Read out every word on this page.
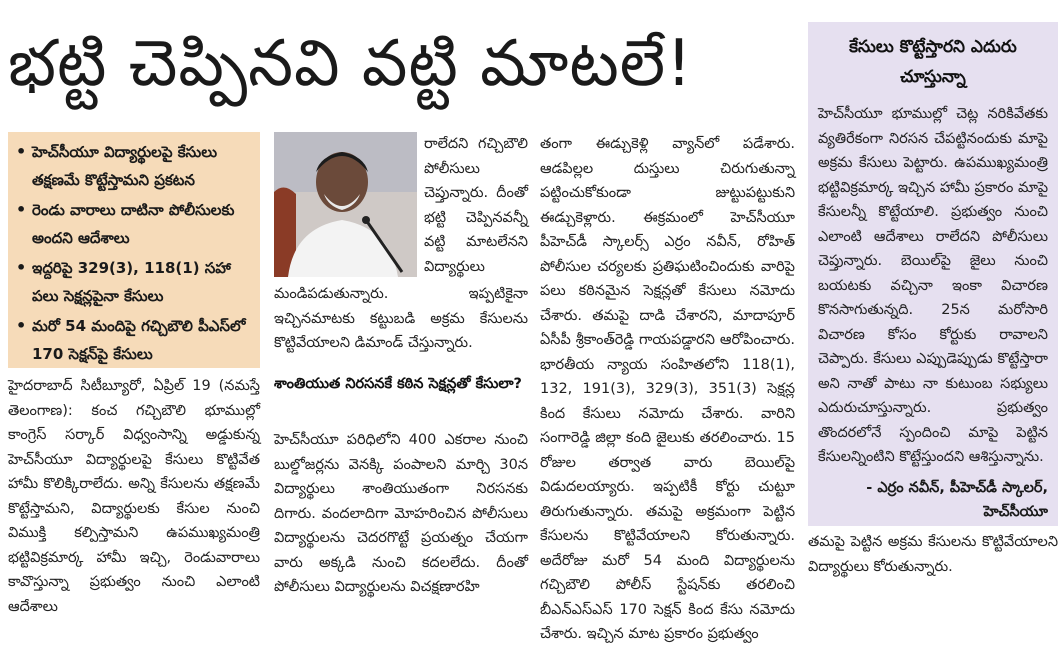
భట్టి చెప్పినవి వట్టి మాటలే!
• హెచ్‌సీయూ విద్యార్థులపై కేసులు తక్షణమే కొట్టేస్తామని ప్రకటన
• రెండు వారాలు దాటినా పోలీసులకు అందని ఆదేశాలు
• ఇద్దరిపై 329(3), 118(1) సహా పలు సెక్షన్లపైనా కేసులు
• మరో 54 మందిపై గచ్చిబౌలి పీఎస్‌లో 170 సెక్షన్‌పై కేసులు
హైదరాబాద్ సిటీబ్యూరో, ఏప్రిల్ 19 (నమస్తే తెలంగాణ): కంచ గచ్చిబౌలి భూముల్లో కాంగ్రెస్ సర్కార్ విధ్వంసాన్ని అడ్డుకున్న హెచ్‌సీయూ విద్యార్థులపై కేసులు కొట్టివేత హామీ కొలిక్కిరాలేదు. అన్ని కేసులను తక్షణమే కొట్టేస్తామని, విద్యార్థులకు కేసుల నుంచి విముక్తి కల్పిస్తామని ఉపముఖ్యమంత్రి భట్టివిక్రమార్క హామీ ఇచ్చి, రెండువారాలు కావొస్తున్నా ప్రభుత్వం నుంచి ఎలాంటి ఆదేశాలు
రాలేదని గచ్చిబౌలి పోలీసులు చెప్తున్నారు. దీంతో భట్టి చెప్పినవన్నీ వట్టి మాటలేనని విద్యార్థులు
మండిపడుతున్నారు. ఇప్పటికైనా ఇచ్చినమాటకు కట్టుబడి అక్రమ కేసులను కొట్టివేయాలని డిమాండ్ చేస్తున్నారు.
శాంతియుత నిరసనకే కఠిన సెక్షన్లతో కేసులా?
హెచ్‌సీయూ పరిధిలోని 400 ఎకరాల నుంచి బుల్డోజర్లను వెనక్కి పంపాలని మార్చి 30న విద్యార్థులు శాంతియుతంగా నిరసనకు దిగారు. వందలాదిగా మోహరించిన పోలీసులు విద్యార్థులను చెదరగొట్టే ప్రయత్నం చేయగా వారు అక్కడి నుంచి కదలలేదు. దీంతో పోలీసులు విద్యార్థులను విచక్షణారహి
తంగా ఈడ్చుకెళ్లి వ్యాన్‌లో పడేశారు. ఆడపిల్లల దుస్తులు చిరుగుతున్నా పట్టించుకోకుండా జుట్టుపట్టుకుని ఈడ్చుకెళ్లారు. ఈక్రమంలో హెచ్‌సీయూ పీహెచ్‌డీ స్కాలర్స్ ఎర్రం నవీన్, రోహిత్ పోలీసుల చర్యలకు ప్రతిఘటించిందుకు వారిపై పలు కఠినమైన సెక్షన్లతో కేసులు నమోదు చేశారు. తమపై దాడి చేశారని, మాదాపూర్ ఏసీపీ శ్రీకాంత్‌రెడ్డి గాయపడ్డారని ఆరోపించారు. భారతీయ న్యాయ సంహితలోని 118(1), 132, 191(3), 329(3), 351(3) సెక్షన్ల కింద కేసులు నమోదు చేశారు. వారిని సంగారెడ్డి జిల్లా కంది జైలుకు తరలించారు. 15 రోజుల తర్వాత వారు బెయిల్‌పై విడుదలయ్యారు. ఇప్పటికీ కోర్టు చుట్టూ తిరుగుతున్నారు. తమపై అక్రమంగా పెట్టిన కేసులను కొట్టివేయాలని కోరుతున్నారు. అదేరోజు మరో 54 మంది విద్యార్థులను గచ్చిబౌలి పోలీస్ స్టేషన్‌కు తరలించి బీఎన్‌ఎస్ఎస్ 170 సెక్షన్ కింద కేసు నమోదు చేశారు. ఇచ్చిన మాట ప్రకారం ప్రభుత్వం
కేసులు కొట్టేస్తారని ఎదురు చూస్తున్నా
హెచ్‌సీయూ భూముల్లో చెట్ల నరికివేతకు వ్యతిరేకంగా నిరసన చేపట్టినందుకు మాపై అక్రమ కేసులు పెట్టారు. ఉపముఖ్యమంత్రి భట్టివిక్రమార్క ఇచ్చిన హామీ ప్రకారం మాపై కేసులన్నీ కొట్టేయాలి. ప్రభుత్వం నుంచి ఎలాంటి ఆదేశాలు రాలేదని పోలీసులు చెప్తున్నారు. బెయిల్‌పై జైలు నుంచి బయటకు వచ్చినా ఇంకా విచారణ కొనసాగుతున్నది. 25న మరోసారి విచారణ కోసం కోర్టుకు రావాలని చెప్పారు. కేసులు ఎప్పుడెప్పుడు కొట్టేస్తారా అని నాతో పాటు నా కుటుంబ సభ్యులు ఎదురుచూస్తున్నారు. ప్రభుత్వం తొందరలోనే స్పందించి మాపై పెట్టిన కేసులన్నింటిని కొట్టేస్తుందని ఆశిస్తున్నాను.
- ఎర్రం నవీన్, పీహెచ్‌డీ స్కాలర్, హెచ్‌సీయూ
తమపై పెట్టిన అక్రమ కేసులను కొట్టివేయాలని విద్యార్థులు కోరుతున్నారు.
